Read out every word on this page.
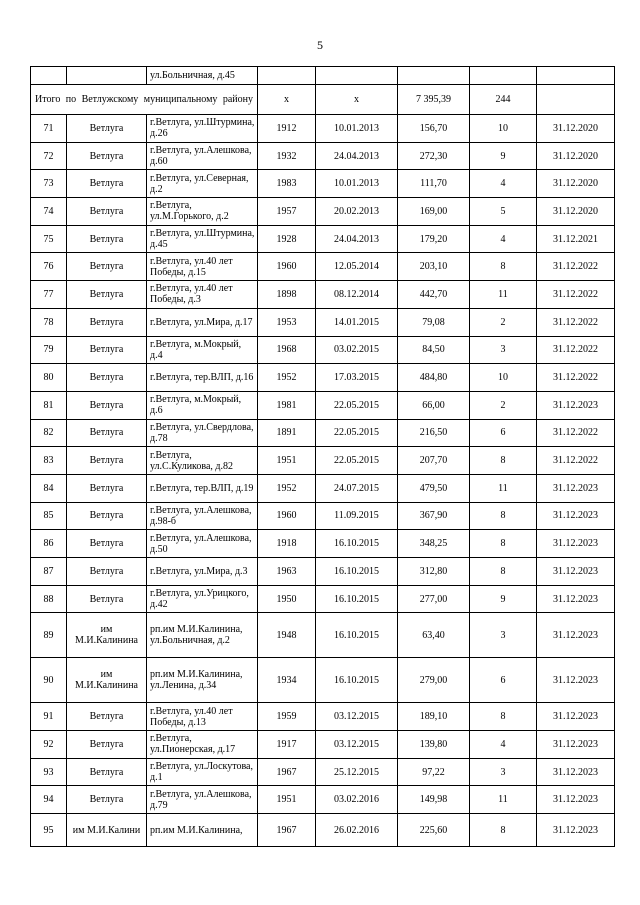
5
		ул.Больничная, д.45					
Итого по Ветлужскому муниципальному району			х	х	7 395,39	244	
71	Ветлуга	г.Ветлуга, ул.Штурмина, д.26	1912	10.01.2013	156,70	10	31.12.2020
72	Ветлуга	г.Ветлуга, ул.Алешкова, д.60	1932	24.04.2013	272,30	9	31.12.2020
73	Ветлуга	г.Ветлуга, ул.Северная, д.2	1983	10.01.2013	111,70	4	31.12.2020
74	Ветлуга	г.Ветлуга, ул.М.Горького, д.2	1957	20.02.2013	169,00	5	31.12.2020
75	Ветлуга	г.Ветлуга, ул.Штурмина, д.45	1928	24.04.2013	179,20	4	31.12.2021
76	Ветлуга	г.Ветлуга, ул.40 лет Победы, д.15	1960	12.05.2014	203,10	8	31.12.2022
77	Ветлуга	г.Ветлуга, ул.40 лет Победы, д.3	1898	08.12.2014	442,70	11	31.12.2022
78	Ветлуга	г.Ветлуга, ул.Мира, д.17	1953	14.01.2015	79,08	2	31.12.2022
79	Ветлуга	г.Ветлуга, м.Мокрый, д.4	1968	03.02.2015	84,50	3	31.12.2022
80	Ветлуга	г.Ветлуга, тер.ВЛП, д.16	1952	17.03.2015	484,80	10	31.12.2022
81	Ветлуга	г.Ветлуга, м.Мокрый, д.6	1981	22.05.2015	66,00	2	31.12.2023
82	Ветлуга	г.Ветлуга, ул.Свердлова, д.78	1891	22.05.2015	216,50	6	31.12.2022
83	Ветлуга	г.Ветлуга, ул.С.Куликова, д.82	1951	22.05.2015	207,70	8	31.12.2022
84	Ветлуга	г.Ветлуга, тер.ВЛП, д.19	1952	24.07.2015	479,50	11	31.12.2023
85	Ветлуга	г.Ветлуга, ул.Алешкова, д.98-б	1960	11.09.2015	367,90	8	31.12.2023
86	Ветлуга	г.Ветлуга, ул.Алешкова, д.50	1918	16.10.2015	348,25	8	31.12.2023
87	Ветлуга	г.Ветлуга, ул.Мира, д.3	1963	16.10.2015	312,80	8	31.12.2023
88	Ветлуга	г.Ветлуга, ул.Урицкого, д.42	1950	16.10.2015	277,00	9	31.12.2023
89	им М.И.Калинина	рп.им М.И.Калинина, ул.Больничная, д.2	1948	16.10.2015	63,40	3	31.12.2023
90	им М.И.Калинина	рп.им М.И.Калинина, ул.Ленина, д.34	1934	16.10.2015	279,00	6	31.12.2023
91	Ветлуга	г.Ветлуга, ул.40 лет Победы, д.13	1959	03.12.2015	189,10	8	31.12.2023
92	Ветлуга	г.Ветлуга, ул.Пионерская, д.17	1917	03.12.2015	139,80	4	31.12.2023
93	Ветлуга	г.Ветлуга, ул.Лоскутова, д.1	1967	25.12.2015	97,22	3	31.12.2023
94	Ветлуга	г.Ветлуга, ул.Алешкова, д.79	1951	03.02.2016	149,98	11	31.12.2023
95	им М.И.Калини	рп.им М.И.Калинина,	1967	26.02.2016	225,60	8	31.12.2023
